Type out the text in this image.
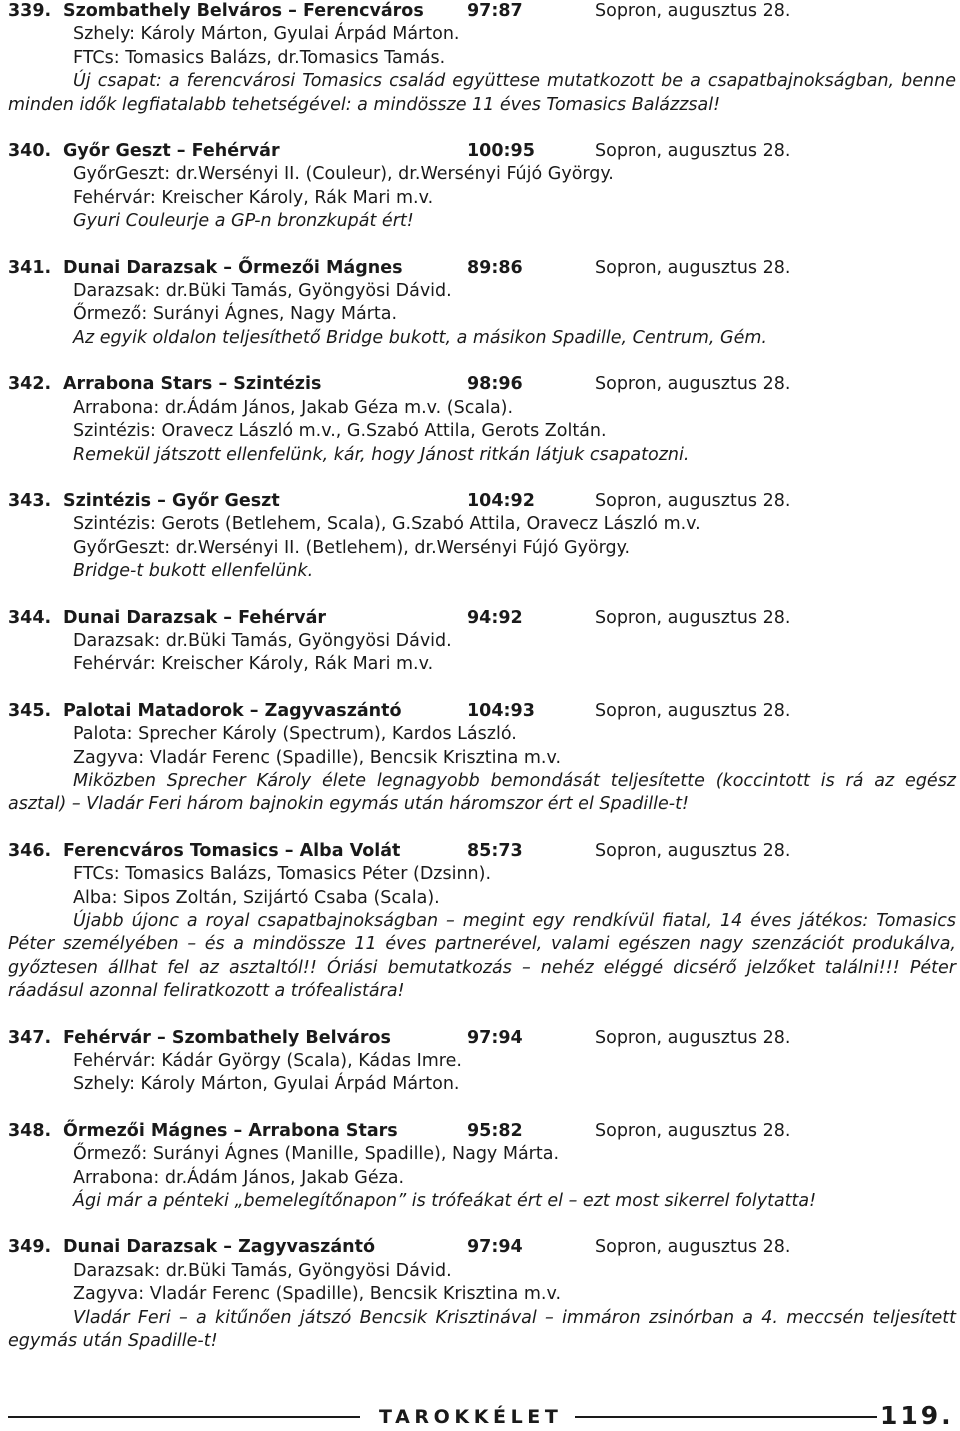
339. Szombathely Belváros – Ferencváros	97:87	Sopron, augusztus 28.
Szhely: Károly Márton, Gyulai Árpád Márton.
FTCs: Tomasics Balázs, dr.Tomasics Tamás.
Új csapat: a ferencvárosi Tomasics család együttese mutatkozott be a csapatbajnokságban, benne minden idők legfiatalabb tehetségével: a mindössze 11 éves Tomasics Balázzsal!
340. Győr Geszt – Fehérvár	100:95	Sopron, augusztus 28.
GyőrGeszt: dr.Wersényi II. (Couleur), dr.Wersényi Fújó György.
Fehérvár: Kreischer Károly, Rák Mari m.v.
Gyuri Couleurje a GP-n bronzkupát ért!
341. Dunai Darazsak – Őrmezői Mágnes	89:86	Sopron, augusztus 28.
Darazsak: dr.Büki Tamás, Gyöngyösi Dávid.
Őrmező: Surányi Ágnes, Nagy Márta.
Az egyik oldalon teljesíthető Bridge bukott, a másikon Spadille, Centrum, Gém.
342. Arrabona Stars – Szintézis	98:96	Sopron, augusztus 28.
Arrabona: dr.Ádám János, Jakab Géza m.v. (Scala).
Szintézis: Oravecz László m.v., G.Szabó Attila, Gerots Zoltán.
Remekül játszott ellenfelünk, kár, hogy Jánost ritkán látjuk csapatozni.
343. Szintézis – Győr Geszt	104:92	Sopron, augusztus 28.
Szintézis: Gerots (Betlehem, Scala), G.Szabó Attila, Oravecz László m.v.
GyőrGeszt: dr.Wersényi II. (Betlehem), dr.Wersényi Fújó György.
Bridge-t bukott ellenfelünk.
344. Dunai Darazsak – Fehérvár	94:92	Sopron, augusztus 28.
Darazsak: dr.Büki Tamás, Gyöngyösi Dávid.
Fehérvár: Kreischer Károly, Rák Mari m.v.
345. Palotai Matadorok – Zagyvaszántó	104:93	Sopron, augusztus 28.
Palota: Sprecher Károly (Spectrum), Kardos László.
Zagyva: Vladár Ferenc (Spadille), Bencsik Krisztina m.v.
Miközben Sprecher Károly élete legnagyobb bemondását teljesítette (koccintott is rá az egész asztal) – Vladár Feri három bajnokin egymás után háromszor ért el Spadille-t!
346. Ferencváros Tomasics – Alba Volát	85:73	Sopron, augusztus 28.
FTCs: Tomasics Balázs, Tomasics Péter (Dzsinn).
Alba: Sipos Zoltán, Szijártó Csaba (Scala).
Újabb újonc a royal csapatbajnokságban – megint egy rendkívül fiatal, 14 éves játékos: Tomasics Péter személyében – és a mindössze 11 éves partnerével, valami egészen nagy szenzációt produkálva, győztesen állhat fel az asztaltól!! Óriási bemutatkozás – nehéz eléggé dicsérő jelzőket találni!!! Péter ráadásul azonnal feliratkozott a trófealistára!
347. Fehérvár – Szombathely Belváros	97:94	Sopron, augusztus 28.
Fehérvár: Kádár György (Scala), Kádas Imre.
Szhely: Károly Márton, Gyulai Árpád Márton.
348. Őrmezői Mágnes – Arrabona Stars	95:82	Sopron, augusztus 28.
Őrmező: Surányi Ágnes (Manille, Spadille), Nagy Márta.
Arrabona: dr.Ádám János, Jakab Géza.
Ági már a pénteki „bemelegítőnapon” is trófeákat ért el – ezt most sikerrel folytatta!
349. Dunai Darazsak – Zagyvaszántó	97:94	Sopron, augusztus 28.
Darazsak: dr.Büki Tamás, Gyöngyösi Dávid.
Zagyva: Vladár Ferenc (Spadille), Bencsik Krisztina m.v.
Vladár Feri – a kitűnően játszó Bencsik Krisztinával – immáron zsinórban a 4. meccsén teljesített egymás után Spadille-t!
TAROKKÉLET	119.
